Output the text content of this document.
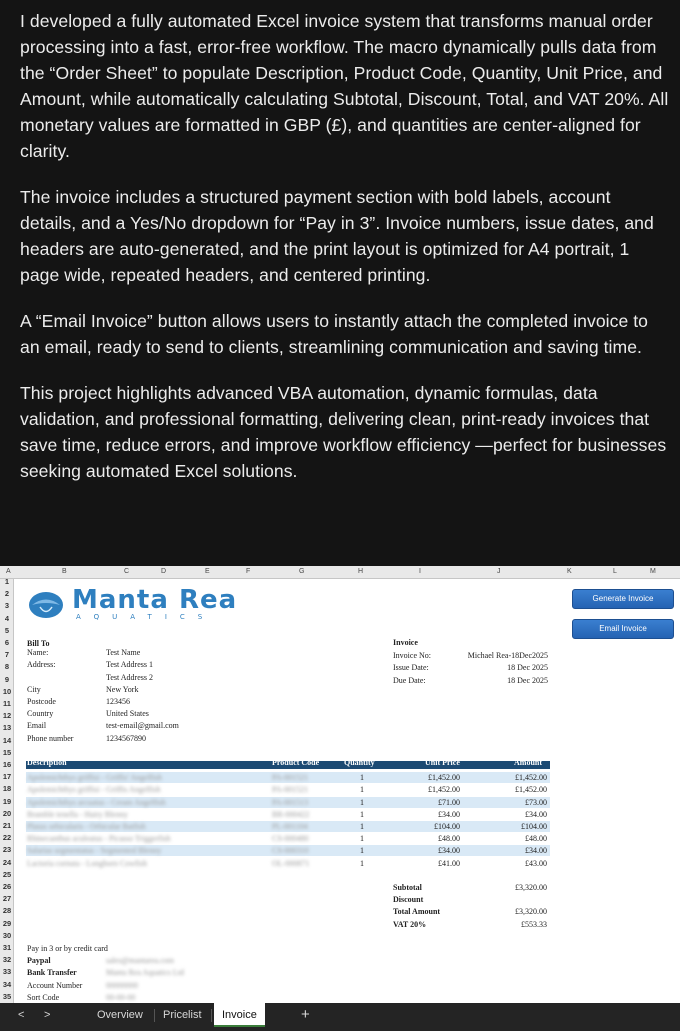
I developed a fully automated Excel invoice system that transforms manual order processing into a fast, error-free workflow. The macro dynamically pulls data from the “Order Sheet” to populate Description, Product Code, Quantity, Unit Price, and Amount, while automatically calculating Subtotal, Discount, Total, and VAT 20%. All monetary values are formatted in GBP (£), and quantities are center-aligned for clarity.

The invoice includes a structured payment section with bold labels, account details, and a Yes/No dropdown for “Pay in 3”. Invoice numbers, issue dates, and headers are auto-generated, and the print layout is optimized for A4 portrait, 1 page wide, repeated headers, and centered printing.

A “Email Invoice” button allows users to instantly attach the completed invoice to an email, ready to send to clients, streamlining communication and saving time.

This project highlights advanced VBA automation, dynamic formulas, data validation, and professional formatting, delivering clean, print-ready invoices that save time, reduce errors, and improve workflow efficiency —perfect for businesses seeking automated Excel solutions.

A	B	C	D	E	F	G	H	I	J	K	L	M
1
2
3
4
5
6
7
8
9
10
11
12
13
14
15
16
17
18
19
20
21
22
23
24
25
26
27
28
29
30
31
32
33
34
35
Manta Rea
AQUATICS
Generate Invoice
Email Invoice
Bill To
Name:	Test Name
Address:	Test Address 1
Test Address 2
City	New York
Postcode	123456
Country	United States
Email	test-email@gmail.com
Phone number	1234567890
Invoice
Invoice No:	Michael Rea-18Dec2025
Issue Date:	18 Dec 2025
Due Date:	18 Dec 2025
Description	Product Code	Quantity	Unit Price	Amount
Apolemichthys griffisi - Griffis' Angelfish	PA-001521	1	£1,452.00	£1,452.00
Apolemichthys griffisi - Griffis Angelfish	PA-001521	1	£1,452.00	£1,452.00
Apolemichthys arcuatus - Cream Angelfish	PA-001513	1	£71.00	£73.00
Bramble tenella - Hairy Blenny	BR-000422	1	£34.00	£34.00
Platax orbicularis - Orbicular Batfish	PL-001104	1	£104.00	£104.00
Rhinecanthus aculeatus - Picasso Triggerfish	CS-000480	1	£48.00	£48.00
Salarias segmentatus - Segmented Blenny	CS-000310	1	£34.00	£34.00
Lactoria cornuta - Longhorn Cowfish	OL-000871	1	£41.00	£43.00
Subtotal	£3,320.00
Discount
Total Amount	£3,320.00
VAT 20%	£553.33
Pay in 3 or by credit card
Paypal	sales@mantarea.com
Bank Transfer	Manta Rea Aquatics Ltd
Account Number	00000000
Sort Code	00-00-00
< >	Overview Pricelist	Invoice	+
